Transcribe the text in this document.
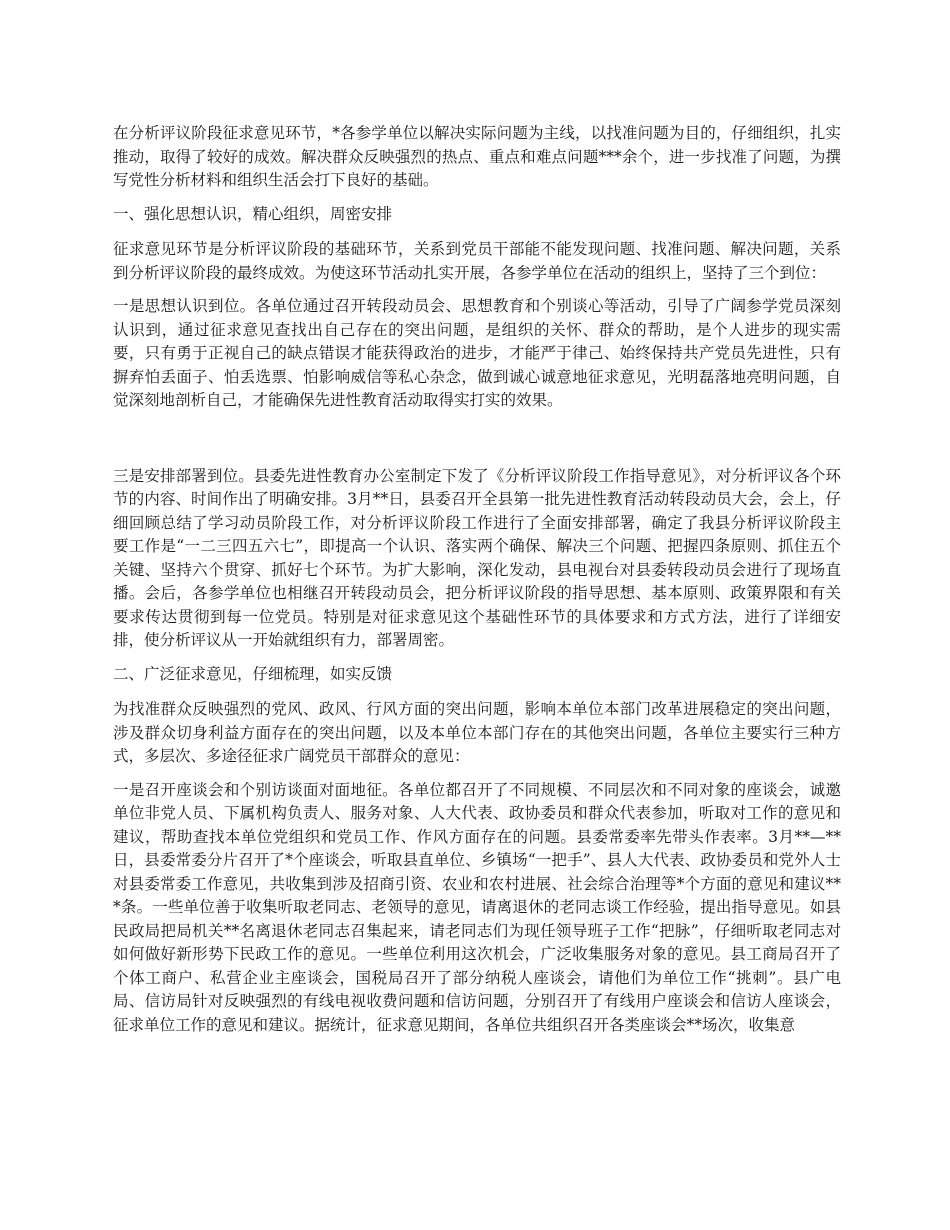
在分析评议阶段征求意见环节，*各参学单位以解决实际问题为主线，以找准问题为目的，仔细组织，扎实推动，取得了较好的成效。解决群众反映强烈的热点、重点和难点问题***余个，进一步找准了问题，为撰写党性分析材料和组织生活会打下良好的基础。

一、强化思想认识，精心组织，周密安排

征求意见环节是分析评议阶段的基础环节，关系到党员干部能不能发现问题、找准问题、解决问题，关系到分析评议阶段的最终成效。为使这环节活动扎实开展，各参学单位在活动的组织上，坚持了三个到位：

一是思想认识到位。各单位通过召开转段动员会、思想教育和个别谈心等活动，引导了广阔参学党员深刻认识到，通过征求意见查找出自己存在的突出问题，是组织的关怀、群众的帮助，是个人进步的现实需要，只有勇于正视自己的缺点错误才能获得政治的进步，才能严于律己、始终保持共产党员先进性，只有摒弃怕丢面子、怕丢选票、怕影响威信等私心杂念，做到诚心诚意地征求意见，光明磊落地亮明问题，自觉深刻地剖析自己，才能确保先进性教育活动取得实打实的效果。

三是安排部署到位。县委先进性教育办公室制定下发了《分析评议阶段工作指导意见》，对分析评议各个环节的内容、时间作出了明确安排。3月**日，县委召开全县第一批先进性教育活动转段动员大会，会上，仔细回顾总结了学习动员阶段工作，对分析评议阶段工作进行了全面安排部署，确定了我县分析评议阶段主要工作是“一二三四五六七”，即提高一个认识、落实两个确保、解决三个问题、把握四条原则、抓住五个关键、坚持六个贯穿、抓好七个环节。为扩大影响，深化发动，县电视台对县委转段动员会进行了现场直播。会后，各参学单位也相继召开转段动员会，把分析评议阶段的指导思想、基本原则、政策界限和有关要求传达贯彻到每一位党员。特别是对征求意见这个基础性环节的具体要求和方式方法，进行了详细安排，使分析评议从一开始就组织有力，部署周密。

二、广泛征求意见，仔细梳理，如实反馈

为找准群众反映强烈的党风、政风、行风方面的突出问题，影响本单位本部门改革进展稳定的突出问题，涉及群众切身利益方面存在的突出问题，以及本单位本部门存在的其他突出问题，各单位主要实行三种方式，多层次、多途径征求广阔党员干部群众的意见：

一是召开座谈会和个别访谈面对面地征。各单位都召开了不同规模、不同层次和不同对象的座谈会，诚邀单位非党人员、下属机构负责人、服务对象、人大代表、政协委员和群众代表参加，听取对工作的意见和建议，帮助查找本单位党组织和党员工作、作风方面存在的问题。县委常委率先带头作表率。3月**—**日，县委常委分片召开了*个座谈会，听取县直单位、乡镇场“一把手”、县人大代表、政协委员和党外人士对县委常委工作意见，共收集到涉及招商引资、农业和农村进展、社会综合治理等*个方面的意见和建议***条。一些单位善于收集听取老同志、老领导的意见，请离退休的老同志谈工作经验，提出指导意见。如县民政局把局机关**名离退休老同志召集起来，请老同志们为现任领导班子工作“把脉”，仔细听取老同志对如何做好新形势下民政工作的意见。一些单位利用这次机会，广泛收集服务对象的意见。县工商局召开了个体工商户、私营企业主座谈会，国税局召开了部分纳税人座谈会，请他们为单位工作“挑刺”。县广电局、信访局针对反映强烈的有线电视收费问题和信访问题，分别召开了有线用户座谈会和信访人座谈会，征求单位工作的意见和建议。据统计，征求意见期间，各单位共组织召开各类座谈会**场次，收集意
